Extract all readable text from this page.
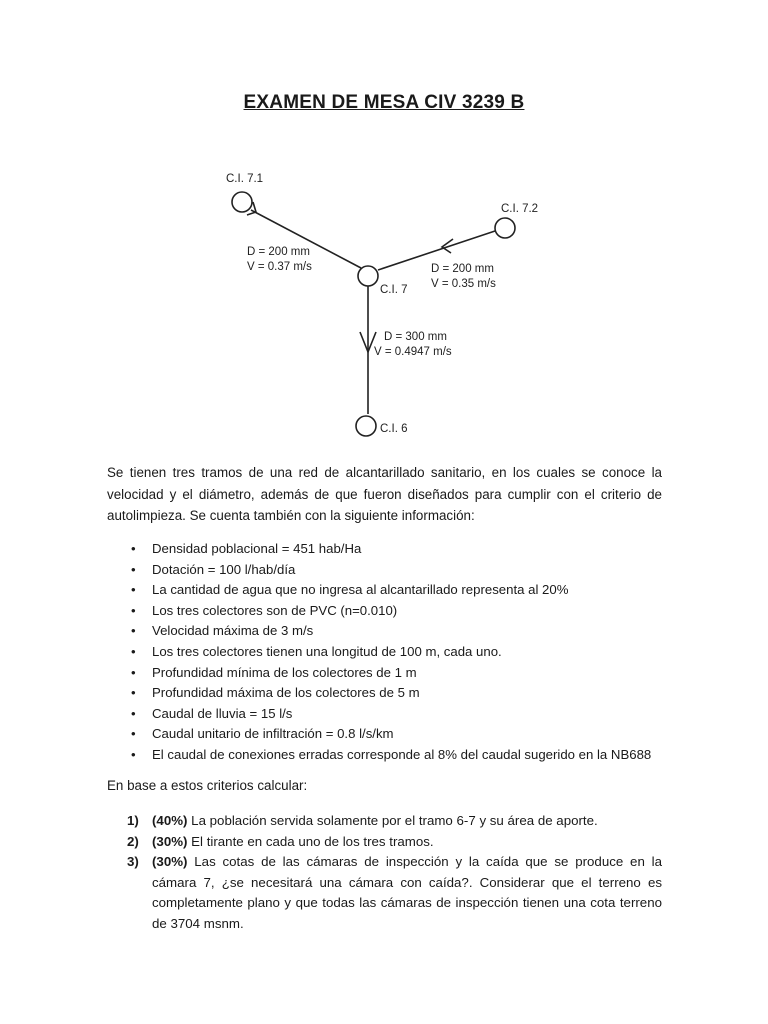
EXAMEN DE MESA CIV 3239 B
C.I. 7.1
C.I. 7.2
C.I. 7
C.I. 6
D = 200 mm
V = 0.37 m/s	D = 200 mm
V = 0.35 m/s
D = 300 mm
V = 0.4947 m/s

Se tienen tres tramos de una red de alcantarillado sanitario, en los cuales se conoce la velocidad y el diámetro, además de que fueron diseñados para cumplir con el criterio de autolimpieza. Se cuenta también con la siguiente información:

• Densidad poblacional = 451 hab/Ha
• Dotación = 100 l/hab/día
• La cantidad de agua que no ingresa al alcantarillado representa al 20%
• Los tres colectores son de PVC (n=0.010)
• Velocidad máxima de 3 m/s
• Los tres colectores tienen una longitud de 100 m, cada uno.
• Profundidad mínima de los colectores de 1 m
• Profundidad máxima de los colectores de 5 m
• Caudal de lluvia = 15 l/s
• Caudal unitario de infiltración = 0.8 l/s/km
• El caudal de conexiones erradas corresponde al 8% del caudal sugerido en la NB688

En base a estos criterios calcular:

1) (40%) La población servida solamente por el tramo 6-7 y su área de aporte.
2) (30%) El tirante en cada uno de los tres tramos.
3) (30%) Las cotas de las cámaras de inspección y la caída que se produce en la cámara 7, ¿se necesitará una cámara con caída?. Considerar que el terreno es completamente plano y que todas las cámaras de inspección tienen una cota terreno de 3704 msnm.
